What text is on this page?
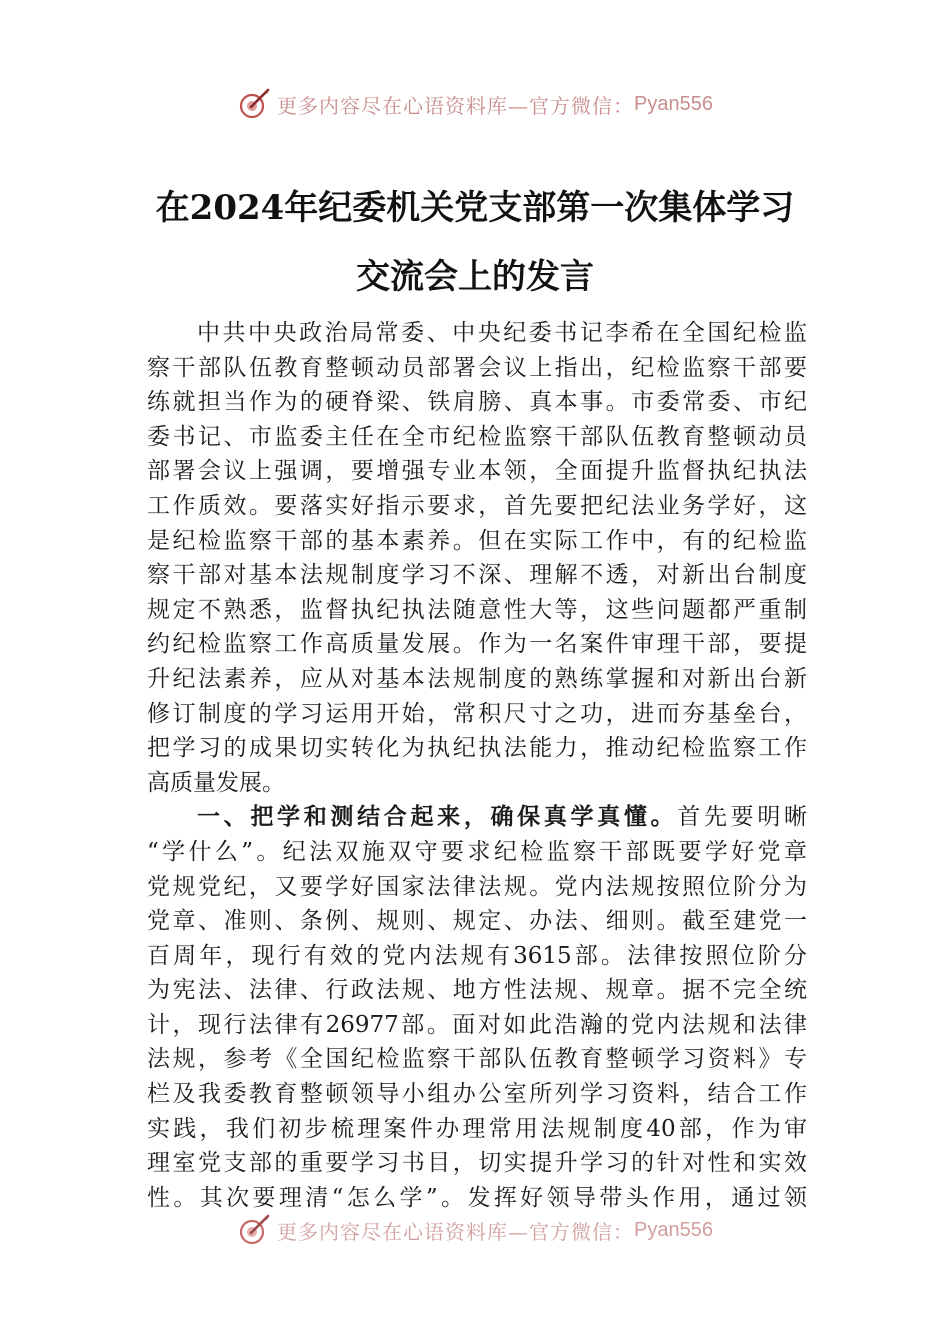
更多内容尽在心语资料库—官方微信： Pyan556
在2024年纪委机关党支部第一次集体学习
交流会上的发言
中共中央政治局常委、中央纪委书记李希在全国纪检监
察干部队伍教育整顿动员部署会议上指出，纪检监察干部要
练就担当作为的硬脊梁、铁肩膀、真本事。市委常委、市纪
委书记、市监委主任在全市纪检监察干部队伍教育整顿动员
部署会议上强调，要增强专业本领，全面提升监督执纪执法
工作质效。要落实好指示要求，首先要把纪法业务学好，这
是纪检监察干部的基本素养。但在实际工作中，有的纪检监
察干部对基本法规制度学习不深、理解不透，对新出台制度
规定不熟悉，监督执纪执法随意性大等，这些问题都严重制
约纪检监察工作高质量发展。作为一名案件审理干部，要提
升纪法素养，应从对基本法规制度的熟练掌握和对新出台新
修订制度的学习运用开始，常积尺寸之功，进而夯基垒台，
把学习的成果切实转化为执纪执法能力，推动纪检监察工作
高质量发展。
一、把学和测结合起来，确保真学真懂。首先要明晰
“学什么”。纪法双施双守要求纪检监察干部既要学好党章
党规党纪，又要学好国家法律法规。党内法规按照位阶分为
党章、准则、条例、规则、规定、办法、细则。截至建党一
百周年，现行有效的党内法规有3615部。法律按照位阶分
为宪法、法律、行政法规、地方性法规、规章。据不完全统
计，现行法律有26977部。面对如此浩瀚的党内法规和法律
法规，参考《全国纪检监察干部队伍教育整顿学习资料》专
栏及我委教育整顿领导小组办公室所列学习资料，结合工作
实践，我们初步梳理案件办理常用法规制度40部，作为审
理室党支部的重要学习书目，切实提升学习的针对性和实效
性。其次要理清“怎么学”。发挥好领导带头作用，通过领
更多内容尽在心语资料库—官方微信： Pyan556
